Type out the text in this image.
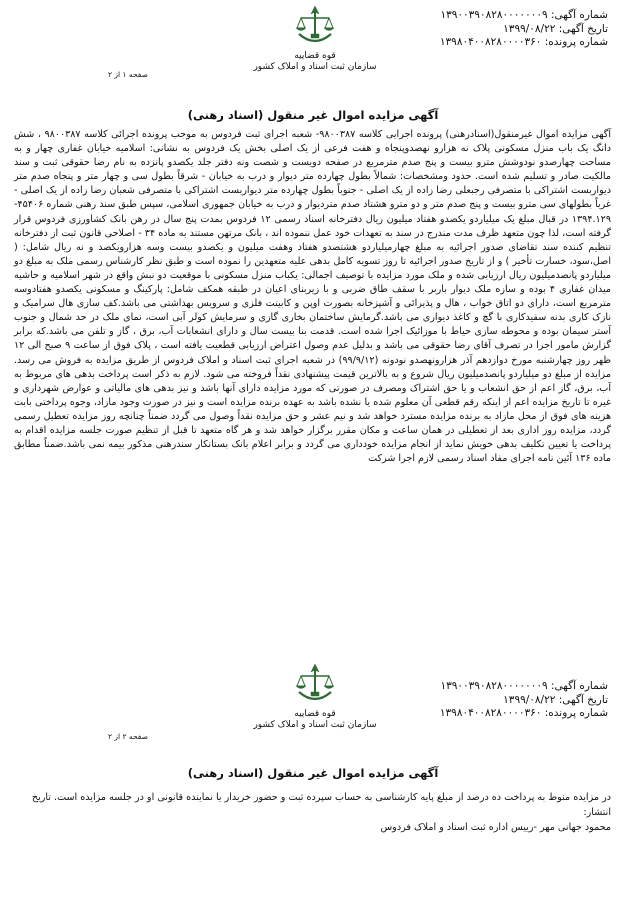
شماره آگهی: ۱۳۹۰۰۳۹۰۸۲۸۰۰۰۰۰۰۰۹
تاریخ آگهی: ۱۳۹۹/۰۸/۲۲
شماره پرونده: ۱۳۹۸۰۴۰۰۸۲۸۰۰۰۰۳۶۰
قوه قضاییه
سازمان ثبت اسناد و املاک کشور
صفحه ۱ از ۲
آگهی مزایده اموال غیر منقول (اسناد رهنی)
آگهی مزایده اموال غیرمنقول(اسنادرهنی) پرونده اجرایی کلاسه ۹۸۰۰۳۸۷- شعبه اجرای ثبت فردوس به موجب پرونده اجرائی کلاسه ۹۸۰۰۳۸۷ ، شش دانگ یک باب منزل مسکونی پلاک نه هزارو نهصدوپنجاه و هفت فرعی از یک اصلی بخش یک فردوس به نشانی: اسلامیه خیابان غفاری چهار و به مساحت چهارصدو نودوشش مترو بیست و پنج صدم مترمربع در صفحه دویست و شصت ونه دفتر جلد یکصدو پانزده به نام رضا حقوقی ثبت و سند مالکیت صادر و تسلیم شده است. حدود ومشخصات: شمالاً بطول چهارده متر دیوار و درب به خیابان - شرقاً بطول سی و چهار متر و پنجاه صدم متر دیواربست اشتراکی با متصرفی رجبعلی رضا زاده از یک اصلی - جنوباً بطول چهارده متر دیواربست اشتراکی با متصرفی شعبان رضا زاده از یک اصلی - غرباً بطولهای سی مترو بیست و پنج صدم متر و دو مترو هشتاد صدم متردیوار و درب به خیابان جمهوری اسلامی، سپس طبق سند رهنی شماره ۴۵۴۰۶- ۱۳۹۴.۱۲۹ در قبال مبلغ یک میلیاردو یکصدو هفتاد میلیون ریال دفترخانه اسناد رسمی ۱۲ فردوس بمدت پنج سال در رهن بانک کشاورزی فردوس قرار گرفته است، لذا چون متعهد ظرف مدت مندرج در سند به تعهدات خود عمل ننموده اند ، بانک مرتهن مستند به ماده ۳۴ - اصلاحی قانون ثبت از دفترخانه تنظیم کننده سند تقاضای صدور اجرائیه به مبلغ چهارمیلیاردو هشتصدو هفتاد وهفت میلیون و یکصدو بیست وسه هزارویکصد و نه ریال شامل: ( اصل،سود، خسارت تأخیر ) و از تاریخ صدور اجرائیه تا روز تسویه کامل بدهی علیه متعهدین را نموده است و طبق نظر کارشناس رسمی ملک به مبلغ دو میلیاردو پانصدمیلیون ریال ارزیابی شده و ملک مورد مزایده با توصیف اجمالی: یکباب منزل مسکونی با موقعیت دو نبش واقع در شهر اسلامیه و حاشیه میدان غفاری ۴ بوده و سازه ملک دیوار باربر با سقف طاق ضربی و با زیربنای اعیان در طبقه همکف شامل: پارکینگ و مسکونی یکصدو هفتادوسه مترمربع است، دارای دو اتاق خواب ، هال و پذیرائی و آشپزخانه بصورت اوپن و کابینت فلزی و سرویس بهداشتی می باشد.کف سازی هال سرامیک و نازک کاری بدنه سفیدکاری با گچ و کاغذ دیواری می باشد.گرمایش ساختمان بخاری گازی و سرمایش کولر آبی است، نمای ملک در حد شمال و جنوب آستر سیمان بوده و محوطه سازی حیاط با موزائیک اجرا شده است. قدمت بنا بیست سال و دارای انشعابات آب، برق ، گاز و تلفن می باشد.که برابر گزارش مامور اجرا در تصرف آقای رضا حقوقی می باشد و بدلیل عدم وصول اعتراض ارزیابی قطعیت یافته است ، پلاک فوق از ساعت ۹ صبح الی ۱۲ ظهر روز چهارشنبه مورخ دوازدهم آذر هزارونهصدو نودونه (۹۹/۹/۱۲) در شعبه اجرای ثبت اسناد و املاک فردوس از طریق مزایده به فروش می رسد. مزایده از مبلغ دو میلیاردو پانصدمیلیون ریال شروع و به بالاترین قیمت پیشنهادی نقداً فروخته می شود. لازم به ذکر است پرداخت بدهی های مربوط به آب، برق، گاز اعم از حق انشعاب و یا حق اشتراک ومصرف در صورتی که مورد مزایده دارای آنها باشد و نیز بدهی های مالیاتی و عوارض شهرداری و غیره تا تاریخ مزایده اعم از اینکه رقم قطعی آن معلوم شده یا نشده باشد به عهده برنده مزایده است و نیز در صورت وجود مازاد، وجوه پرداختی بابت هزینه های فوق از محل مازاد به برنده مزایده مسترد خواهد شد و نیم عشر و حق مزایده نقداً وصول می گردد ضمناً چنانچه روز مزایده تعطیل رسمی گردد، مزایده روز اداری بعد از تعطیلی در همان ساعت و مکان مقرر برگزار خواهد شد و هر گاه متعهد تا قبل از تنظیم صورت جلسه مزایده اقدام به پرداخت یا تعیین تکلیف بدهی خویش نماید از انجام مزایده خودداری می گردد و برابر اعلام بانک بستانکار سندرهنی مذکور بیمه نمی باشد.ضمناً مطابق ماده ۱۳۶ آئین نامه اجرای مفاد اسناد رسمی لازم اجرا شرکت
شماره آگهی: ۱۳۹۰۰۳۹۰۸۲۸۰۰۰۰۰۰۰۹
تاریخ آگهی: ۱۳۹۹/۰۸/۲۲
شماره پرونده: ۱۳۹۸۰۴۰۰۸۲۸۰۰۰۰۳۶۰
قوه قضاییه
سازمان ثبت اسناد و املاک کشور
صفحه ۲ از ۲
آگهی مزایده اموال غیر منقول (اسناد رهنی)

در مزایده منوط به پرداخت ده درصد از مبلغ پایه کارشناسی به حساب سپرده ثبت و حضور خریدار یا نماینده قانونی او در جلسه مزایده است. تاریخ انتشار:

محمود جهانی مهر -رییس اداره ثبت اسناد و املاک فردوس
